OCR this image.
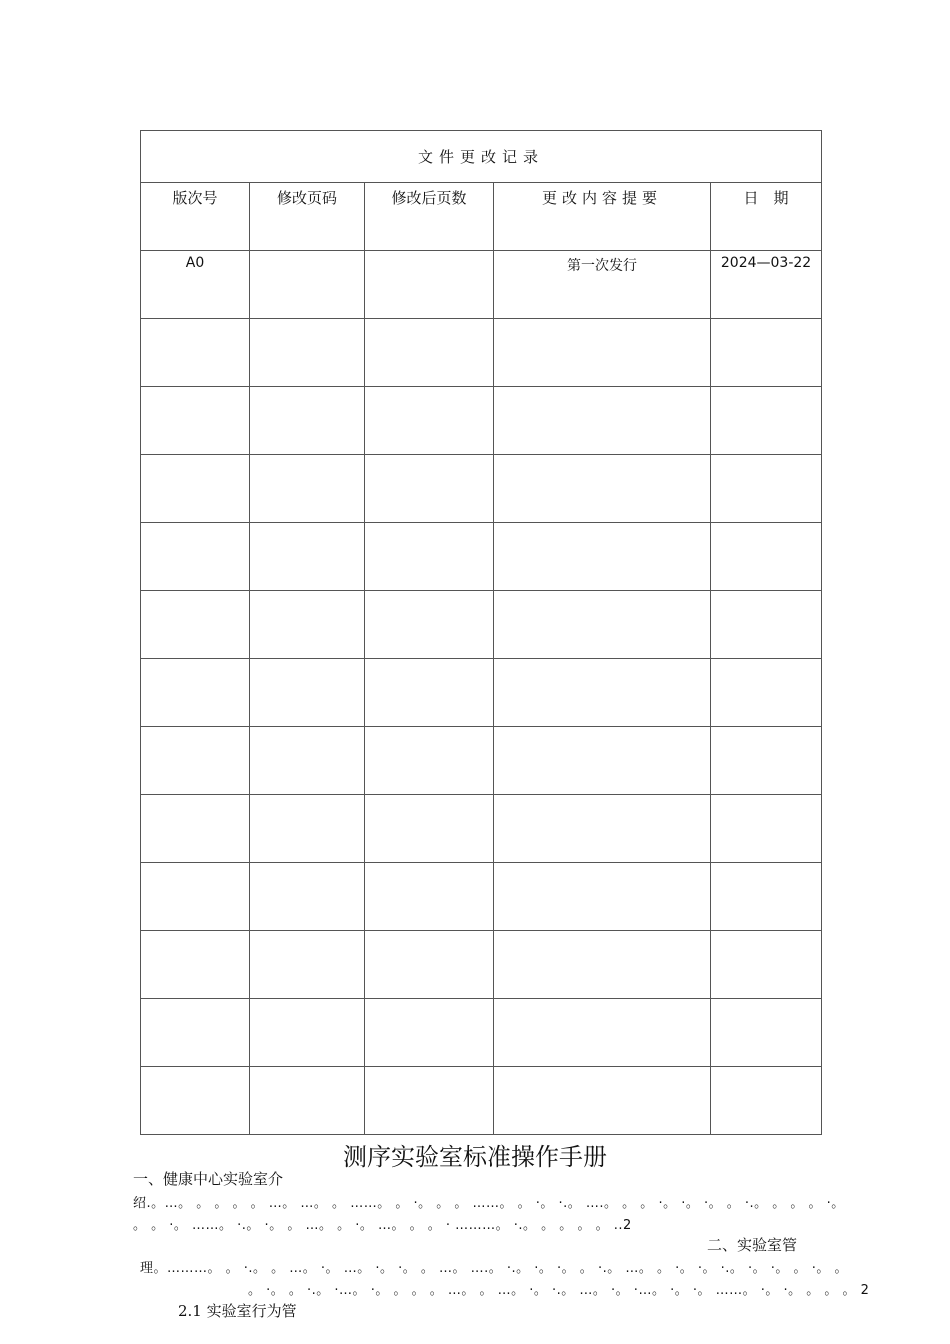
文件更改记录				

版次号	修改页码	修改后页数	更改内容提要	日　期

A0			第一次发行	2024—03-22

测序实验室标准操作手册
一、健康中心实验室介
绍.。…。 。 。 。 。 …。 …。 。 ……。 。 ·。 。 。 ……。 。 ·。 ·.。 ….。 。 。 ·。 ·。 ·。 。 ·.。 。 。 。 ·。
。 。 ·。 ……。 ·.。 ·。 。 …。 。 ·。 …。 。 。 · ………。 ·.。 。 。 。 。 ..2
二、实验室管
理。………。 。 ·.。 。 …。 ·。 …。 ·。 ·。 。 …。 ….。 ·.。 ·。 ·。 。 ·.。 …。 。 ·。 ·。 ·.。 ·。 ·。 。 ·。 。
。 ·。 。 ·.。 ·…。 ·。 。 。 。 …。 。 …。 ·。 ·.。 …。 ·。 ·…。 ·。 ·。 ……。 ·。 ·。 。 。 。 2
2.1 实验室行为管
